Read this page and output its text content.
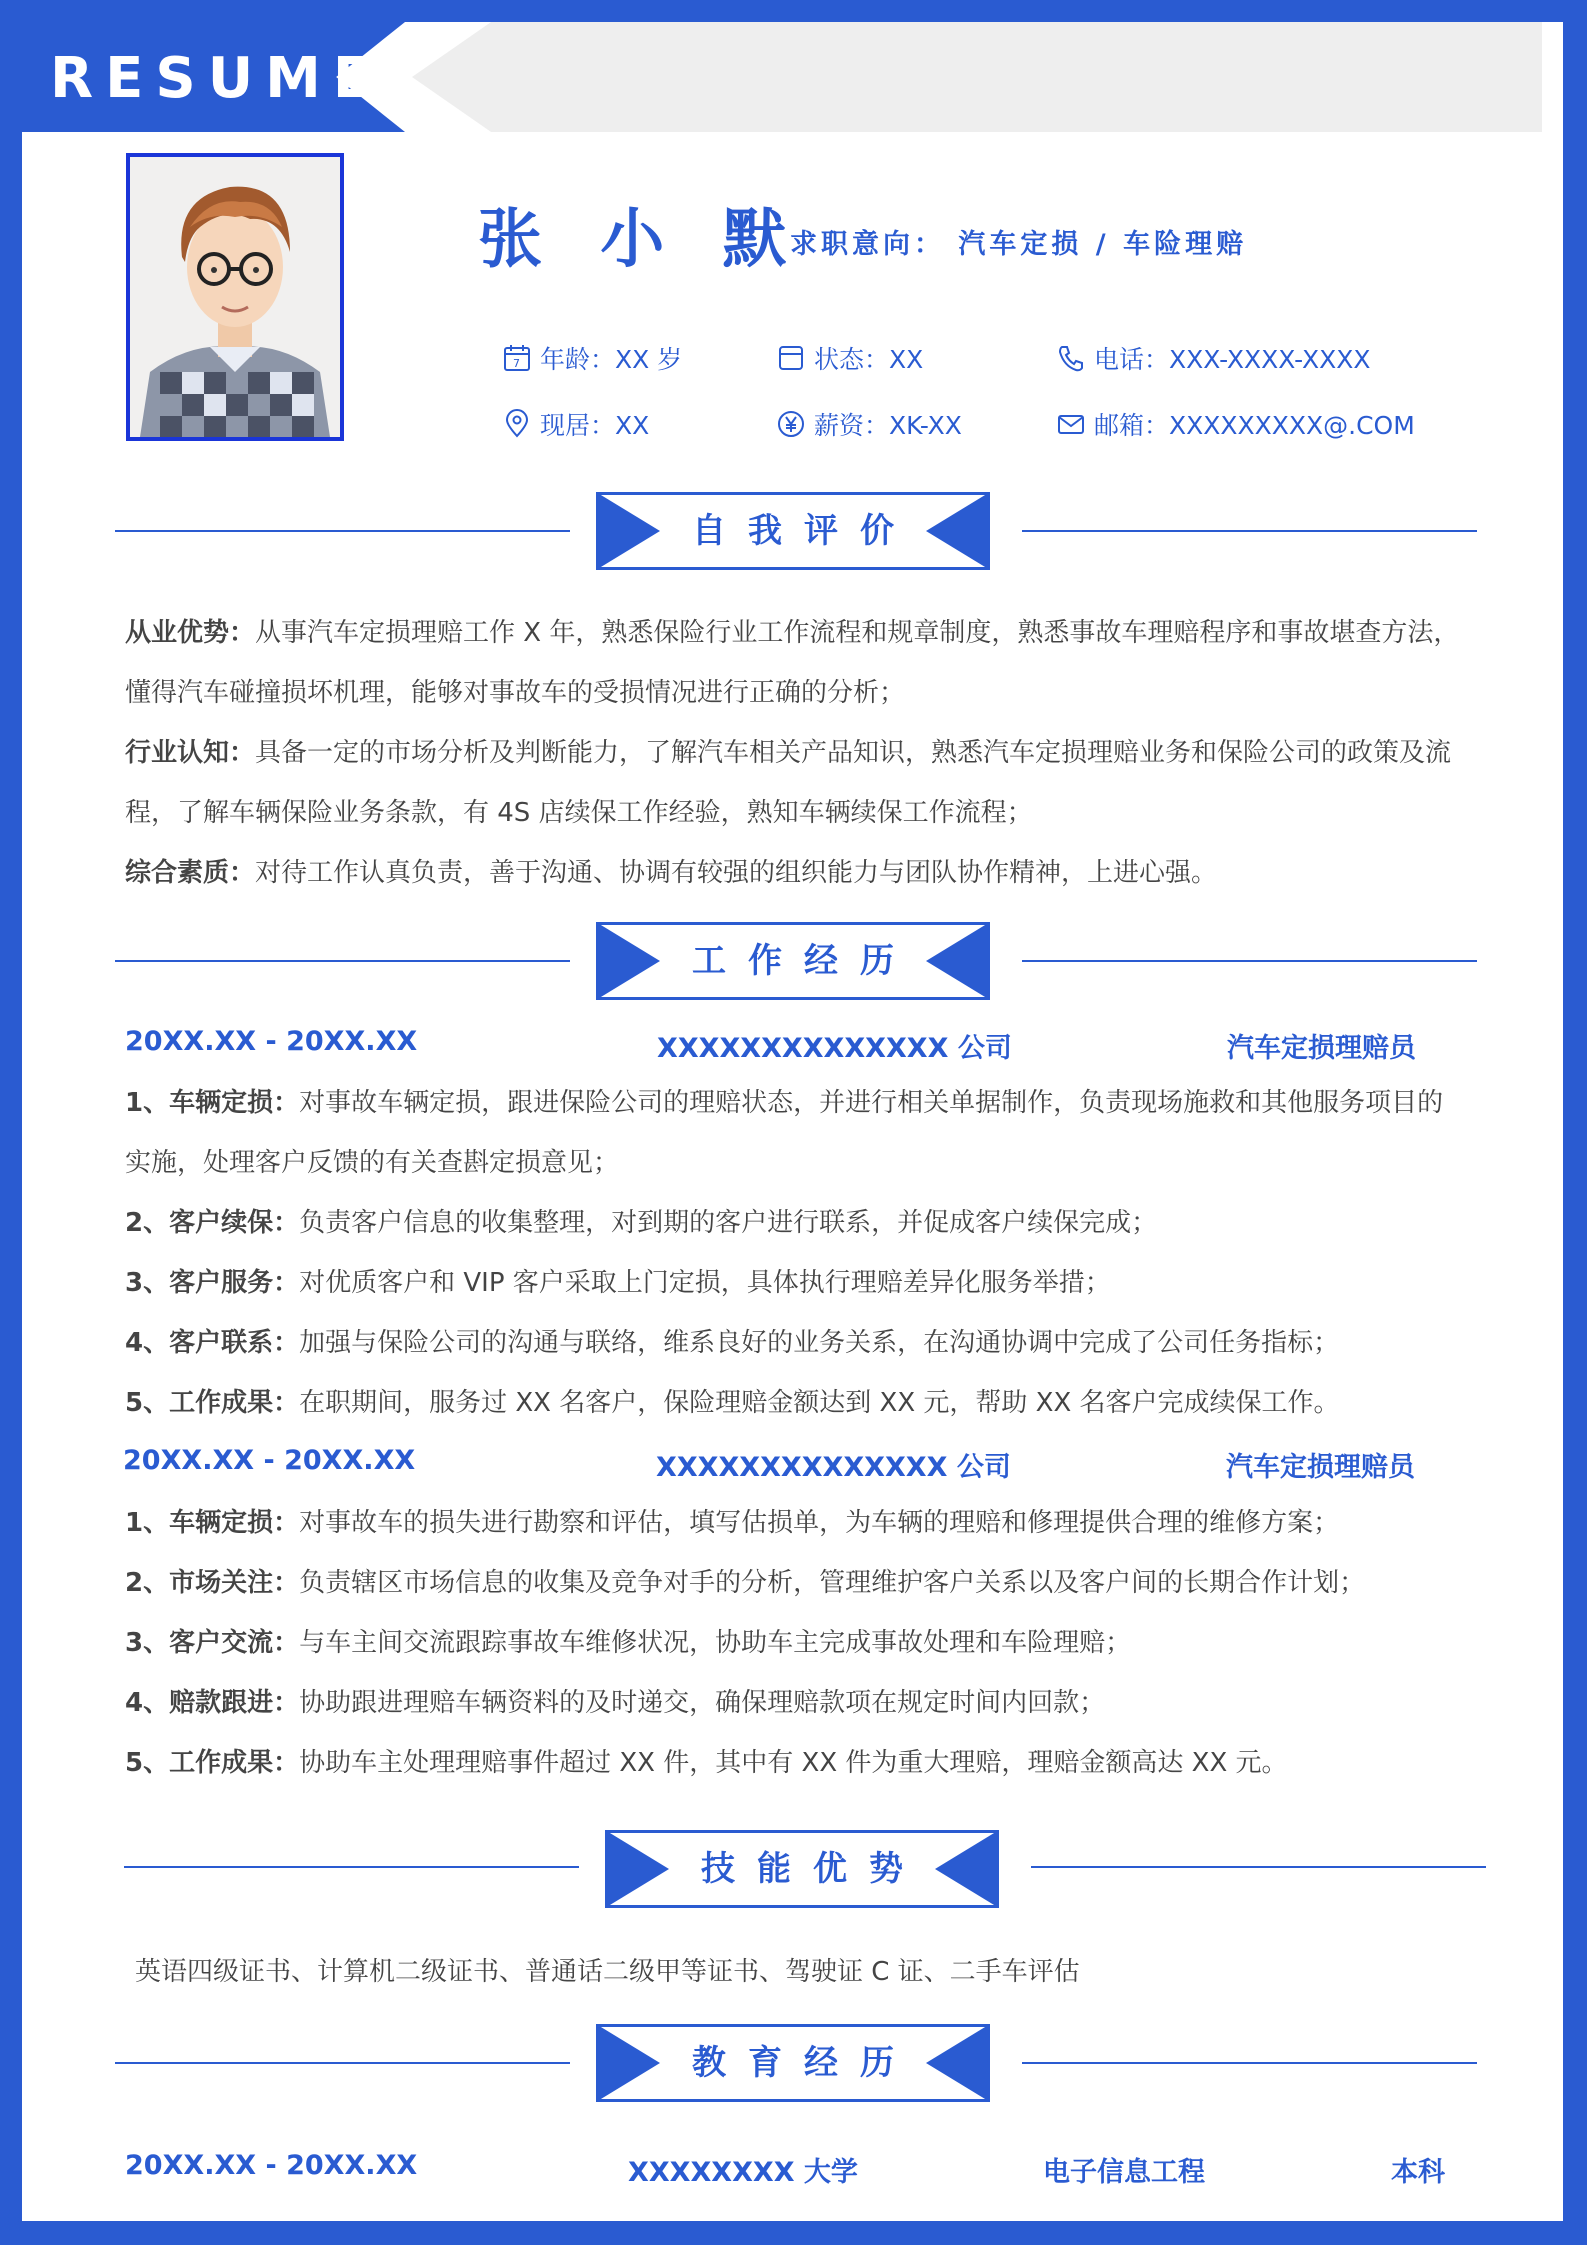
RESUME
张 小 默
求职意向： 汽车定损 / 车险理赔
7 年龄：XX 岁	状态：XX	电话：XXX-XXXX-XXXX
现居：XX	薪资：XK-XX	邮箱：XXXXXXXXX@.COM
自我评价
从业优势：从事汽车定损理赔工作 X 年，熟悉保险行业工作流程和规章制度，熟悉事故车理赔程序和事故堪查方法，懂得汽车碰撞损坏机理，能够对事故车的受损情况进行正确的分析；
行业认知：具备一定的市场分析及判断能力，了解汽车相关产品知识，熟悉汽车定损理赔业务和保险公司的政策及流程，了解车辆保险业务条款，有 4S 店续保工作经验，熟知车辆续保工作流程；
综合素质：对待工作认真负责，善于沟通、协调有较强的组织能力与团队协作精神，上进心强。
工作经历
20XX.XX - 20XX.XX	XXXXXXXXXXXXXX 公司	汽车定损理赔员
1、车辆定损：对事故车辆定损，跟进保险公司的理赔状态，并进行相关单据制作，负责现场施救和其他服务项目的实施，处理客户反馈的有关查斟定损意见；
2、客户续保：负责客户信息的收集整理，对到期的客户进行联系，并促成客户续保完成；
3、客户服务：对优质客户和 VIP 客户采取上门定损，具体执行理赔差异化服务举措；
4、客户联系：加强与保险公司的沟通与联络，维系良好的业务关系，在沟通协调中完成了公司任务指标；
5、工作成果：在职期间，服务过 XX 名客户，保险理赔金额达到 XX 元，帮助 XX 名客户完成续保工作。
20XX.XX - 20XX.XX	XXXXXXXXXXXXXX 公司	汽车定损理赔员
1、车辆定损：对事故车的损失进行勘察和评估，填写估损单，为车辆的理赔和修理提供合理的维修方案；
2、市场关注：负责辖区市场信息的收集及竞争对手的分析，管理维护客户关系以及客户间的长期合作计划；
3、客户交流：与车主间交流跟踪事故车维修状况，协助车主完成事故处理和车险理赔；
4、赔款跟进：协助跟进理赔车辆资料的及时递交，确保理赔款项在规定时间内回款；
5、工作成果：协助车主处理理赔事件超过 XX 件，其中有 XX 件为重大理赔，理赔金额高达 XX 元。
技能优势
英语四级证书、计算机二级证书、普通话二级甲等证书、驾驶证 C 证、二手车评估
教育经历
20XX.XX - 20XX.XX	XXXXXXXX 大学	电子信息工程	本科
